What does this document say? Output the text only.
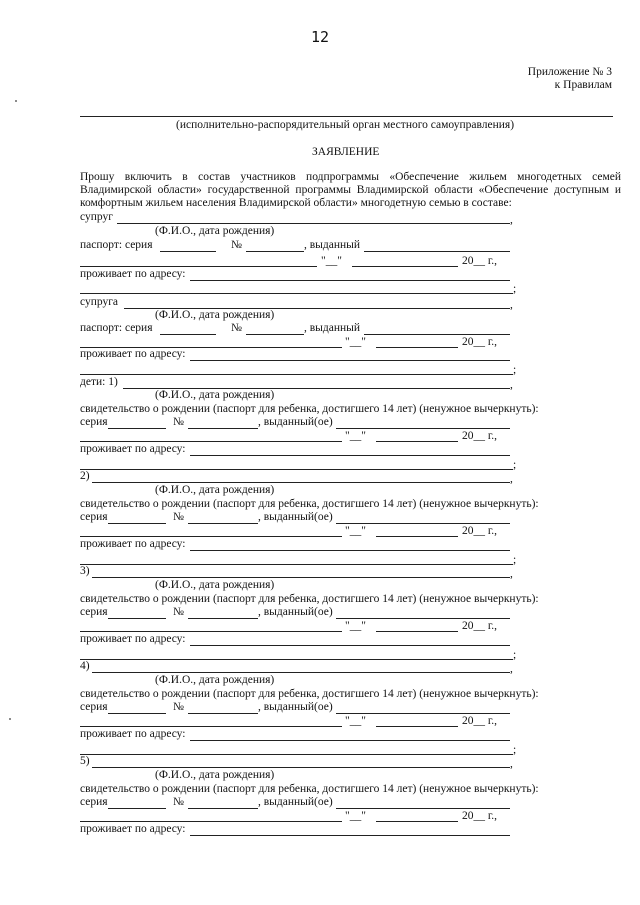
12
Приложение № 3
к Правилам
(исполнительно-распорядительный орган местного самоуправления)
ЗАЯВЛЕНИЕ
Прошу включить в состав участников подпрограммы «Обеспечение жильем многодетных семей Владимирской области» государственной программы Владимирской области «Обеспечение доступным и комфортным жильем населения Владимирской области» многодетную семью в составе:
супруг	,
(Ф.И.О., дата рождения)
паспорт: серия	№	, выданный
"__"	20__ г.,
проживает по адресу:
;
супруга	,
(Ф.И.О., дата рождения)
паспорт: серия	№	, выданный
"__"	20__ г.,
проживает по адресу:
;
дети: 1)	,
(Ф.И.О., дата рождения)
свидетельство о рождении (паспорт для ребенка, достигшего 14 лет) (ненужное вычеркнуть):
серия	№	, выданный(ое)
"__"	20__ г.,
проживает по адресу:
;
2)	,
(Ф.И.О., дата рождения)
свидетельство о рождении (паспорт для ребенка, достигшего 14 лет) (ненужное вычеркнуть):
серия	№	, выданный(ое)
"__"	20__ г.,
проживает по адресу:
;
3)	,
(Ф.И.О., дата рождения)
свидетельство о рождении (паспорт для ребенка, достигшего 14 лет) (ненужное вычеркнуть):
серия	№	, выданный(ое)
"__"	20__ г.,
проживает по адресу:
;
4)	,
(Ф.И.О., дата рождения)
свидетельство о рождении (паспорт для ребенка, достигшего 14 лет) (ненужное вычеркнуть):
серия	№	, выданный(ое)
"__"	20__ г.,
проживает по адресу:
;
5)	,
(Ф.И.О., дата рождения)
свидетельство о рождении (паспорт для ребенка, достигшего 14 лет) (ненужное вычеркнуть):
серия	№	, выданный(ое)
"__"	20__ г.,
проживает по адресу:
